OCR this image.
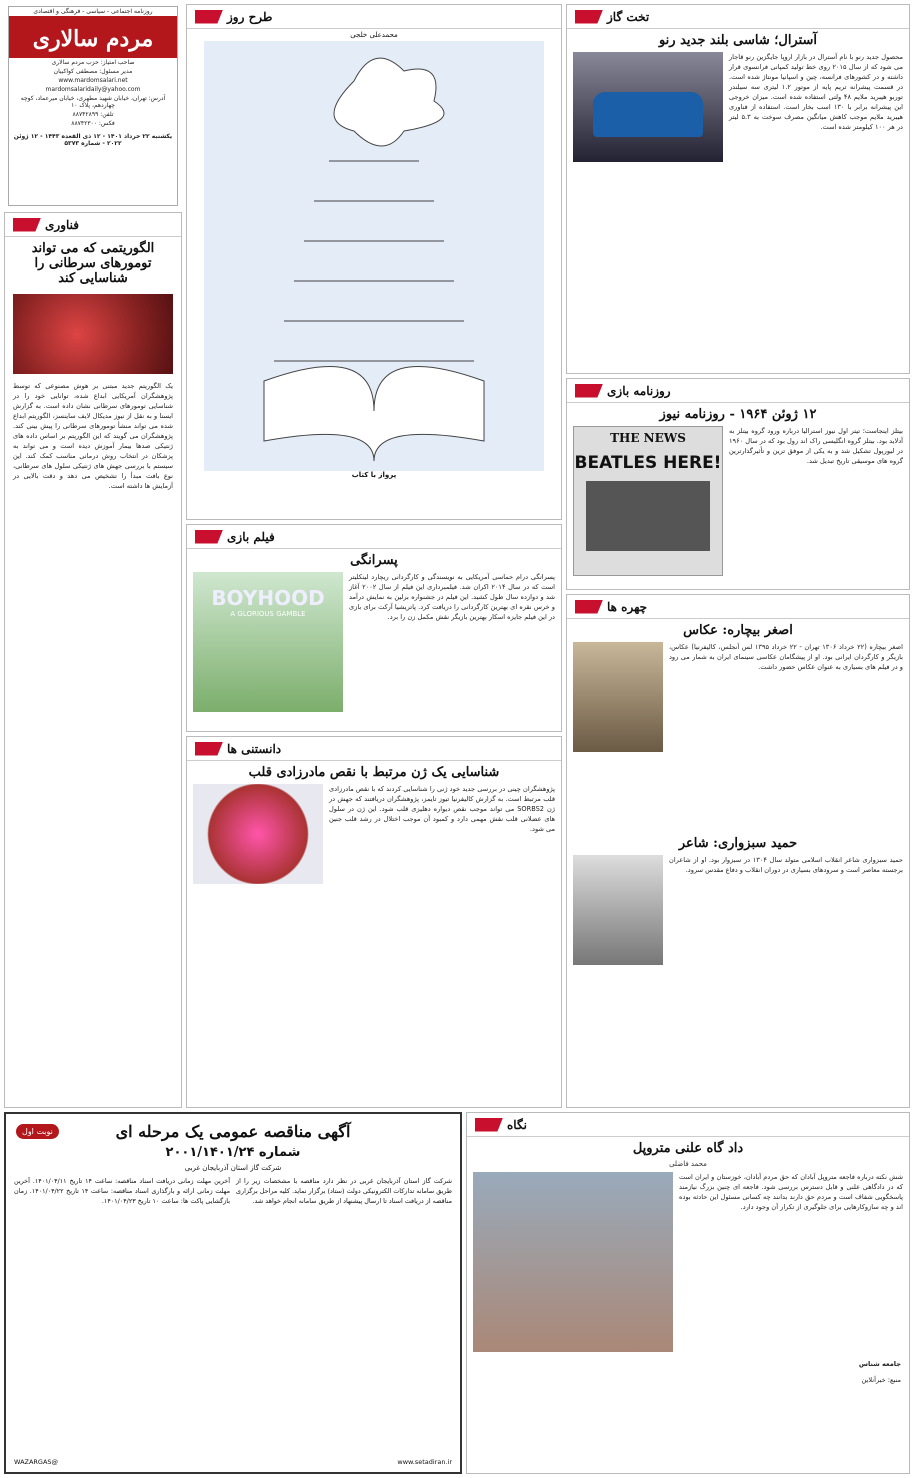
روزنامه اجتماعی - سیاسی - فرهنگی و اقتصادی
مردم سالاری
صاحب امتیاز: حزب مردم سالاری
مدیر مسئول: مصطفی کواکبیان
www.mardomsalari.net
mardomsalaridaily@yahoo.com
آدرس: تهران، خیابان شهید مطهری، خیابان میرعماد، کوچه چهاردهم، پلاک ۱۰
تلفن: ۸۸۷۴۲۸۹۹
فکس: ۸۸۷۴۲۳۰۰
یکشنبه ۲۲ خرداد ۱۴۰۱ - ۱۲ ذی القعده ۱۴۴۳ - ۱۲ ژوئن ۲۰۲۲ - شماره ۵۳۷۳
فناوری
الگوریتمی که می تواند تومورهای سرطانی را شناسایی کند
یک الگوریتم جدید مبتنی بر هوش مصنوعی که توسط پژوهشگران آمریکایی ابداع شده، توانایی خود را در شناسایی تومورهای سرطانی نشان داده است. به گزارش ایسنا و به نقل از نیوز مدیکال لایف ساینسز، الگوریتم ابداع شده می تواند منشأ تومورهای سرطانی را پیش بینی کند. پژوهشگران می گویند که این الگوریتم بر اساس داده های ژنتیکی صدها بیمار آموزش دیده است و می تواند به پزشکان در انتخاب روش درمانی مناسب کمک کند. این سیستم با بررسی جهش های ژنتیکی سلول های سرطانی، نوع بافت مبدأ را تشخیص می دهد و دقت بالایی در آزمایش ها داشته است.
طرح روز
محمدعلی خلجی
پرواز با کتاب
فیلم بازی
پسرانگی
پسرانگی درام حماسی آمریکایی به نویسندگی و کارگردانی ریچارد لینکلیتر است که در سال ۲۰۱۴ اکران شد. فیلمبرداری این فیلم از سال ۲۰۰۲ آغاز شد و دوازده سال طول کشید. این فیلم در جشنواره برلین به نمایش درآمد و خرس نقره ای بهترین کارگردانی را دریافت کرد. پاتریشیا آرکت برای بازی در این فیلم جایزه اسکار بهترین بازیگر نقش مکمل زن را برد.
BOYHOOD
A GLORIOUS GAMBLE
دانستنی ها
شناسایی یک ژن مرتبط با نقص مادرزادی قلب
پژوهشگران چینی در بررسی جدید خود ژنی را شناسایی کردند که با نقص مادرزادی قلب مرتبط است. به گزارش کالیفرنیا تیوز تایمز، پژوهشگران دریافتند که جهش در ژن SORBS2 می تواند موجب نقص دیواره دهلیزی قلب شود. این ژن در سلول های عضلانی قلب نقش مهمی دارد و کمبود آن موجب اختلال در رشد قلب جنین می شود.
تخت گاز
آسترال؛ شاسی بلند جدید رنو
محصول جدید رنو با نام آسترال در بازار اروپا جایگزین رنو قاجار می شود که از سال ۲۰۱۵ روی خط تولید کمپانی فرانسوی قرار داشته و در کشورهای فرانسه، چین و اسپانیا مونتاژ شده است. در قسمت پیشرانه تریم پایه از موتور ۱.۲ لیتری سه سیلندر توربو هیبرید ملایم ۴۸ ولتی استفاده شده است. میزان خروجی این پیشرانه برابر با ۱۳۰ اسب بخار است. استفاده از فناوری هیبرید ملایم موجب کاهش میانگین مصرف سوخت به ۵.۳ لیتر در هر ۱۰۰ کیلومتر شده است.
روزنامه بازی
۱۲ ژوئن ۱۹۶۴ - روزنامه نیوز
بیتلز اینجاست؛ تیتر اول نیوز استرالیا درباره ورود گروه بیتلز به آدلاید بود. بیتلز گروه انگلیسی راک اند رول بود که در سال ۱۹۶۰ در لیورپول تشکیل شد و به یکی از موفق ترین و تأثیرگذارترین گروه های موسیقی تاریخ تبدیل شد.
THE NEWS
BEATLES HERE!
چهره ها
اصغر بیچاره: عکاس
اصغر بیچاره (۲۲ خرداد ۱۳۰۶ تهران - ۲۲ خرداد ۱۳۹۵ لس آنجلس، کالیفرنیا) عکاس، بازیگر و کارگردان ایرانی بود. او از پیشگامان عکاسی سینمای ایران به شمار می رود و در فیلم های بسیاری به عنوان عکاس حضور داشت.
حمید سبزواری: شاعر
حمید سبزواری شاعر انقلاب اسلامی متولد سال ۱۳۰۴ در سبزوار بود. او از شاعران برجسته معاصر است و سرودهای بسیاری در دوران انقلاب و دفاع مقدس سرود.
نگاه
داد گاه علنی متروپل
محمد فاضلی
شش نکته درباره فاجعه متروپل آبادان که حق مردم آبادان، خوزستان و ایران است که در دادگاهی علنی و قابل دسترس بررسی شود. فاجعه ای چنین بزرگ نیازمند پاسخگویی شفاف است و مردم حق دارند بدانند چه کسانی مسئول این حادثه بوده اند و چه سازوکارهایی برای جلوگیری از تکرار آن وجود دارد.
جامعه شناس
منبع: خبرآنلاین
نوبت اول	آگهی مناقصه عمومی یک مرحله ای
شماره ۲۰۰۱/۱۴۰۱/۲۴
شرکت گاز استان آذربایجان غربی
شرکت گاز استان آذربایجان غربی در نظر دارد مناقصه با مشخصات زیر را از طریق سامانه تدارکات الکترونیکی دولت (ستاد) برگزار نماید. کلیه مراحل برگزاری مناقصه از دریافت اسناد تا ارسال پیشنهاد از طریق سامانه انجام خواهد شد.
آخرین مهلت زمانی دریافت اسناد مناقصه: ساعت ۱۴ تاریخ ۱۴۰۱/۰۴/۱۱. آخرین مهلت زمانی ارائه و بارگذاری اسناد مناقصه: ساعت ۱۴ تاریخ ۱۴۰۱/۰۴/۲۲. زمان بازگشایی پاکت ها: ساعت ۱۰ تاریخ ۱۴۰۱/۰۴/۲۳.
www.setadiran.ir
@WAZARGAS
